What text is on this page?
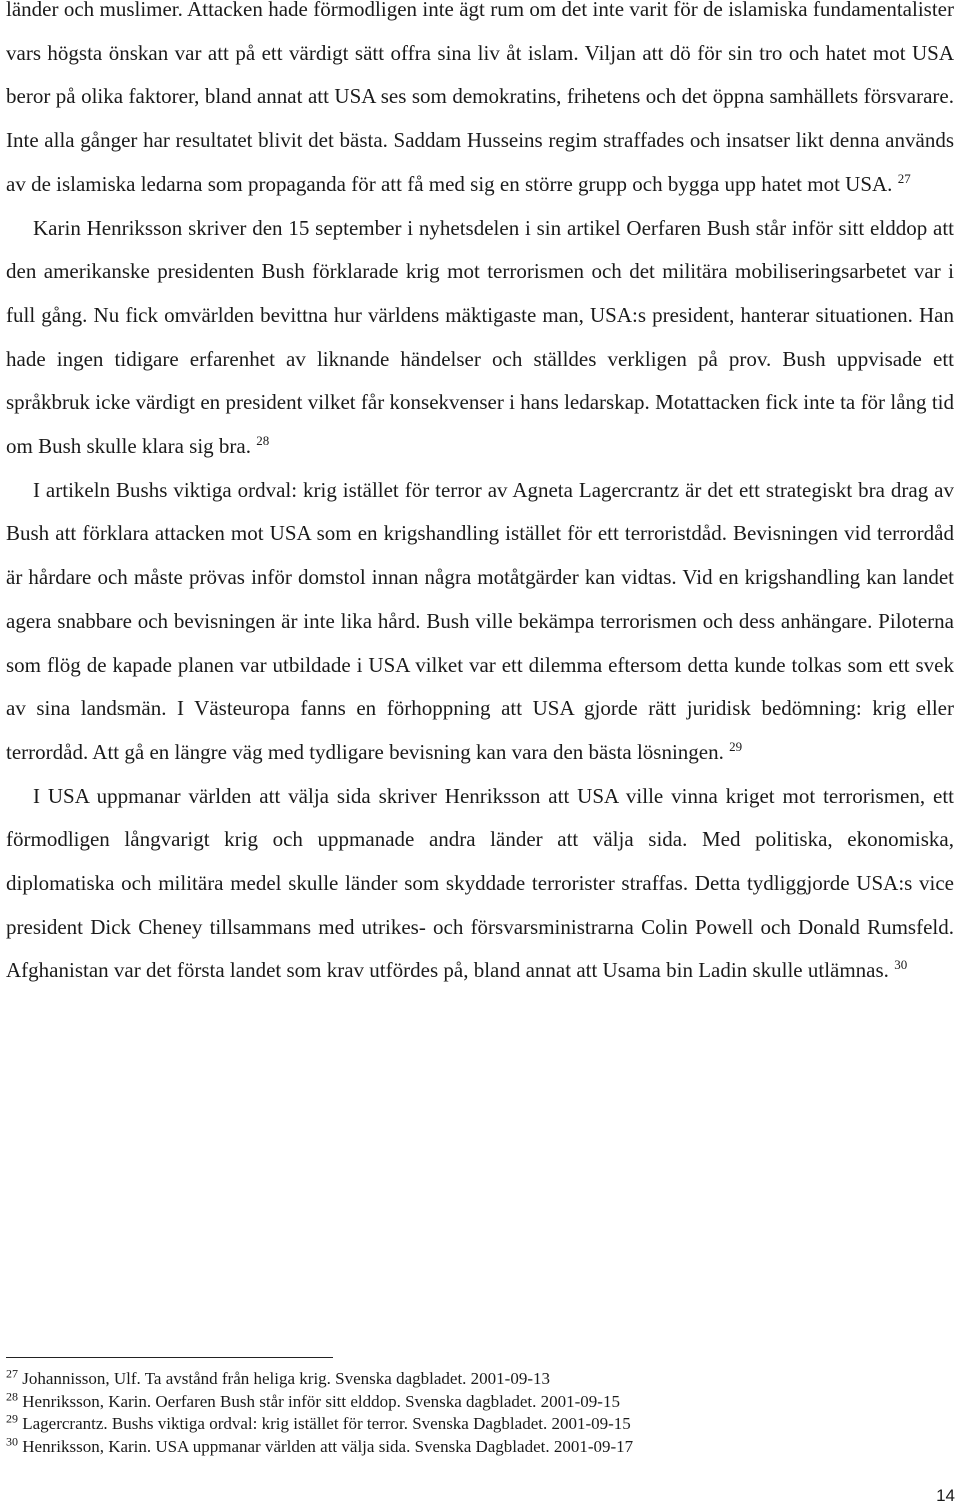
länder och muslimer. Attacken hade förmodligen inte ägt rum om det inte varit för de islamiska fundamentalister vars högsta önskan var att på ett värdigt sätt offra sina liv åt islam. Viljan att dö för sin tro och hatet mot USA beror på olika faktorer, bland annat att USA ses som demokratins, frihetens och det öppna samhällets försvarare. Inte alla gånger har resultatet blivit det bästa. Saddam Husseins regim straffades och insatser likt denna används av de islamiska ledarna som propaganda för att få med sig en större grupp och bygga upp hatet mot USA. $^{27}$

Karin Henriksson skriver den 15 september i nyhetsdelen i sin artikel Oerfaren Bush står inför sitt elddop att den amerikanske presidenten Bush förklarade krig mot terrorismen och det militära mobiliseringsarbetet var i full gång. Nu fick omvärlden bevittna hur världens mäktigaste man, USA:s president, hanterar situationen. Han hade ingen tidigare erfarenhet av liknande händelser och ställdes verkligen på prov. Bush uppvisade ett språkbruk icke värdigt en president vilket får konsekvenser i hans ledarskap. Motattacken fick inte ta för lång tid om Bush skulle klara sig bra. $^{28}$

I artikeln Bushs viktiga ordval: krig istället för terror av Agneta Lagercrantz är det ett strategiskt bra drag av Bush att förklara attacken mot USA som en krigshandling istället för ett terroristdåd. Bevisningen vid terrordåd är hårdare och måste prövas inför domstol innan några motåtgärder kan vidtas. Vid en krigshandling kan landet agera snabbare och bevisningen är inte lika hård. Bush ville bekämpa terrorismen och dess anhängare. Piloterna som flög de kapade planen var utbildade i USA vilket var ett dilemma eftersom detta kunde tolkas som ett svek av sina landsmän. I Västeuropa fanns en förhoppning att USA gjorde rätt juridisk bedömning: krig eller terrordåd. Att gå en längre väg med tydligare bevisning kan vara den bästa lösningen. $^{29}$

I USA uppmanar världen att välja sida skriver Henriksson att USA ville vinna kriget mot terrorismen, ett förmodligen långvarigt krig och uppmanade andra länder att välja sida. Med politiska, ekonomiska, diplomatiska och militära medel skulle länder som skyddade terrorister straffas. Detta tydliggjorde USA:s vice president Dick Cheney tillsammans med utrikes- och försvarsministrarna Colin Powell och Donald Rumsfeld. Afghanistan var det första landet som krav utfördes på, bland annat att Usama bin Ladin skulle utlämnas. $^{30}$

$^{27}$ Johannisson, Ulf. Ta avstånd från heliga krig. Svenska dagbladet. 2001-09-13

$^{28}$ Henriksson, Karin. Oerfaren Bush står inför sitt elddop. Svenska dagbladet. 2001-09-15

$^{29}$ Lagercrantz. Bushs viktiga ordval: krig istället för terror. Svenska Dagbladet. 2001-09-15

$^{30}$ Henriksson, Karin. USA uppmanar världen att välja sida. Svenska Dagbladet. 2001-09-17

14
